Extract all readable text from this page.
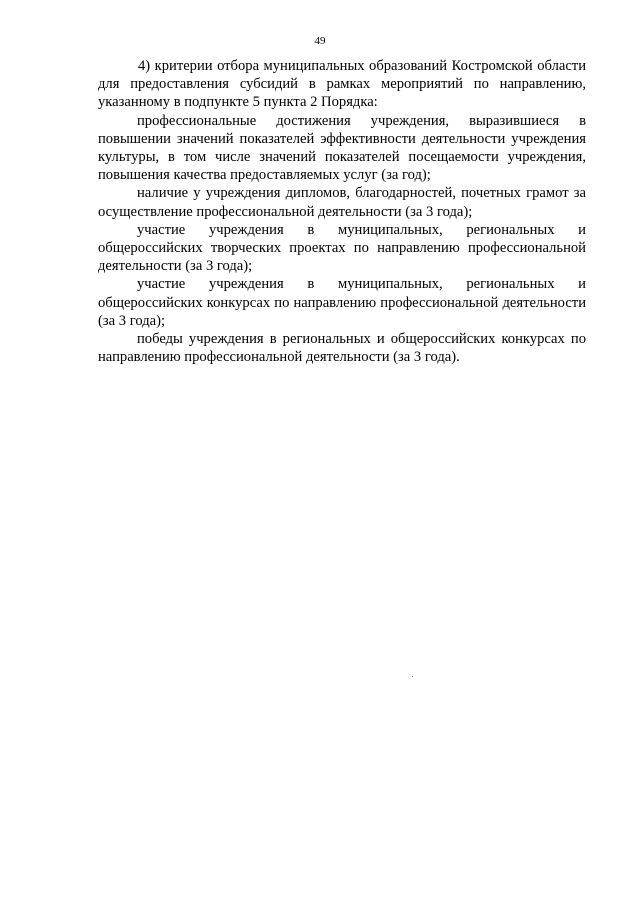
49

4) критерии отбора муниципальных образований Костромской области для предоставления субсидий в рамках мероприятий по направлению, указанному в подпункте 5 пункта 2 Порядка:

профессиональные достижения учреждения, выразившиеся в повышении значений показателей эффективности деятельности учреждения культуры, в том числе значений показателей посещаемости учреждения, повышения качества предоставляемых услуг (за год);

наличие у учреждения дипломов, благодарностей, почетных грамот за осуществление профессиональной деятельности (за 3 года);

участие учреждения в муниципальных, региональных и общероссийских творческих проектах по направлению профессиональной деятельности (за 3 года);

участие учреждения в муниципальных, региональных и общероссийских конкурсах по направлению профессиональной деятельности (за 3 года);

победы учреждения в региональных и общероссийских конкурсах по направлению профессиональной деятельности (за 3 года).
